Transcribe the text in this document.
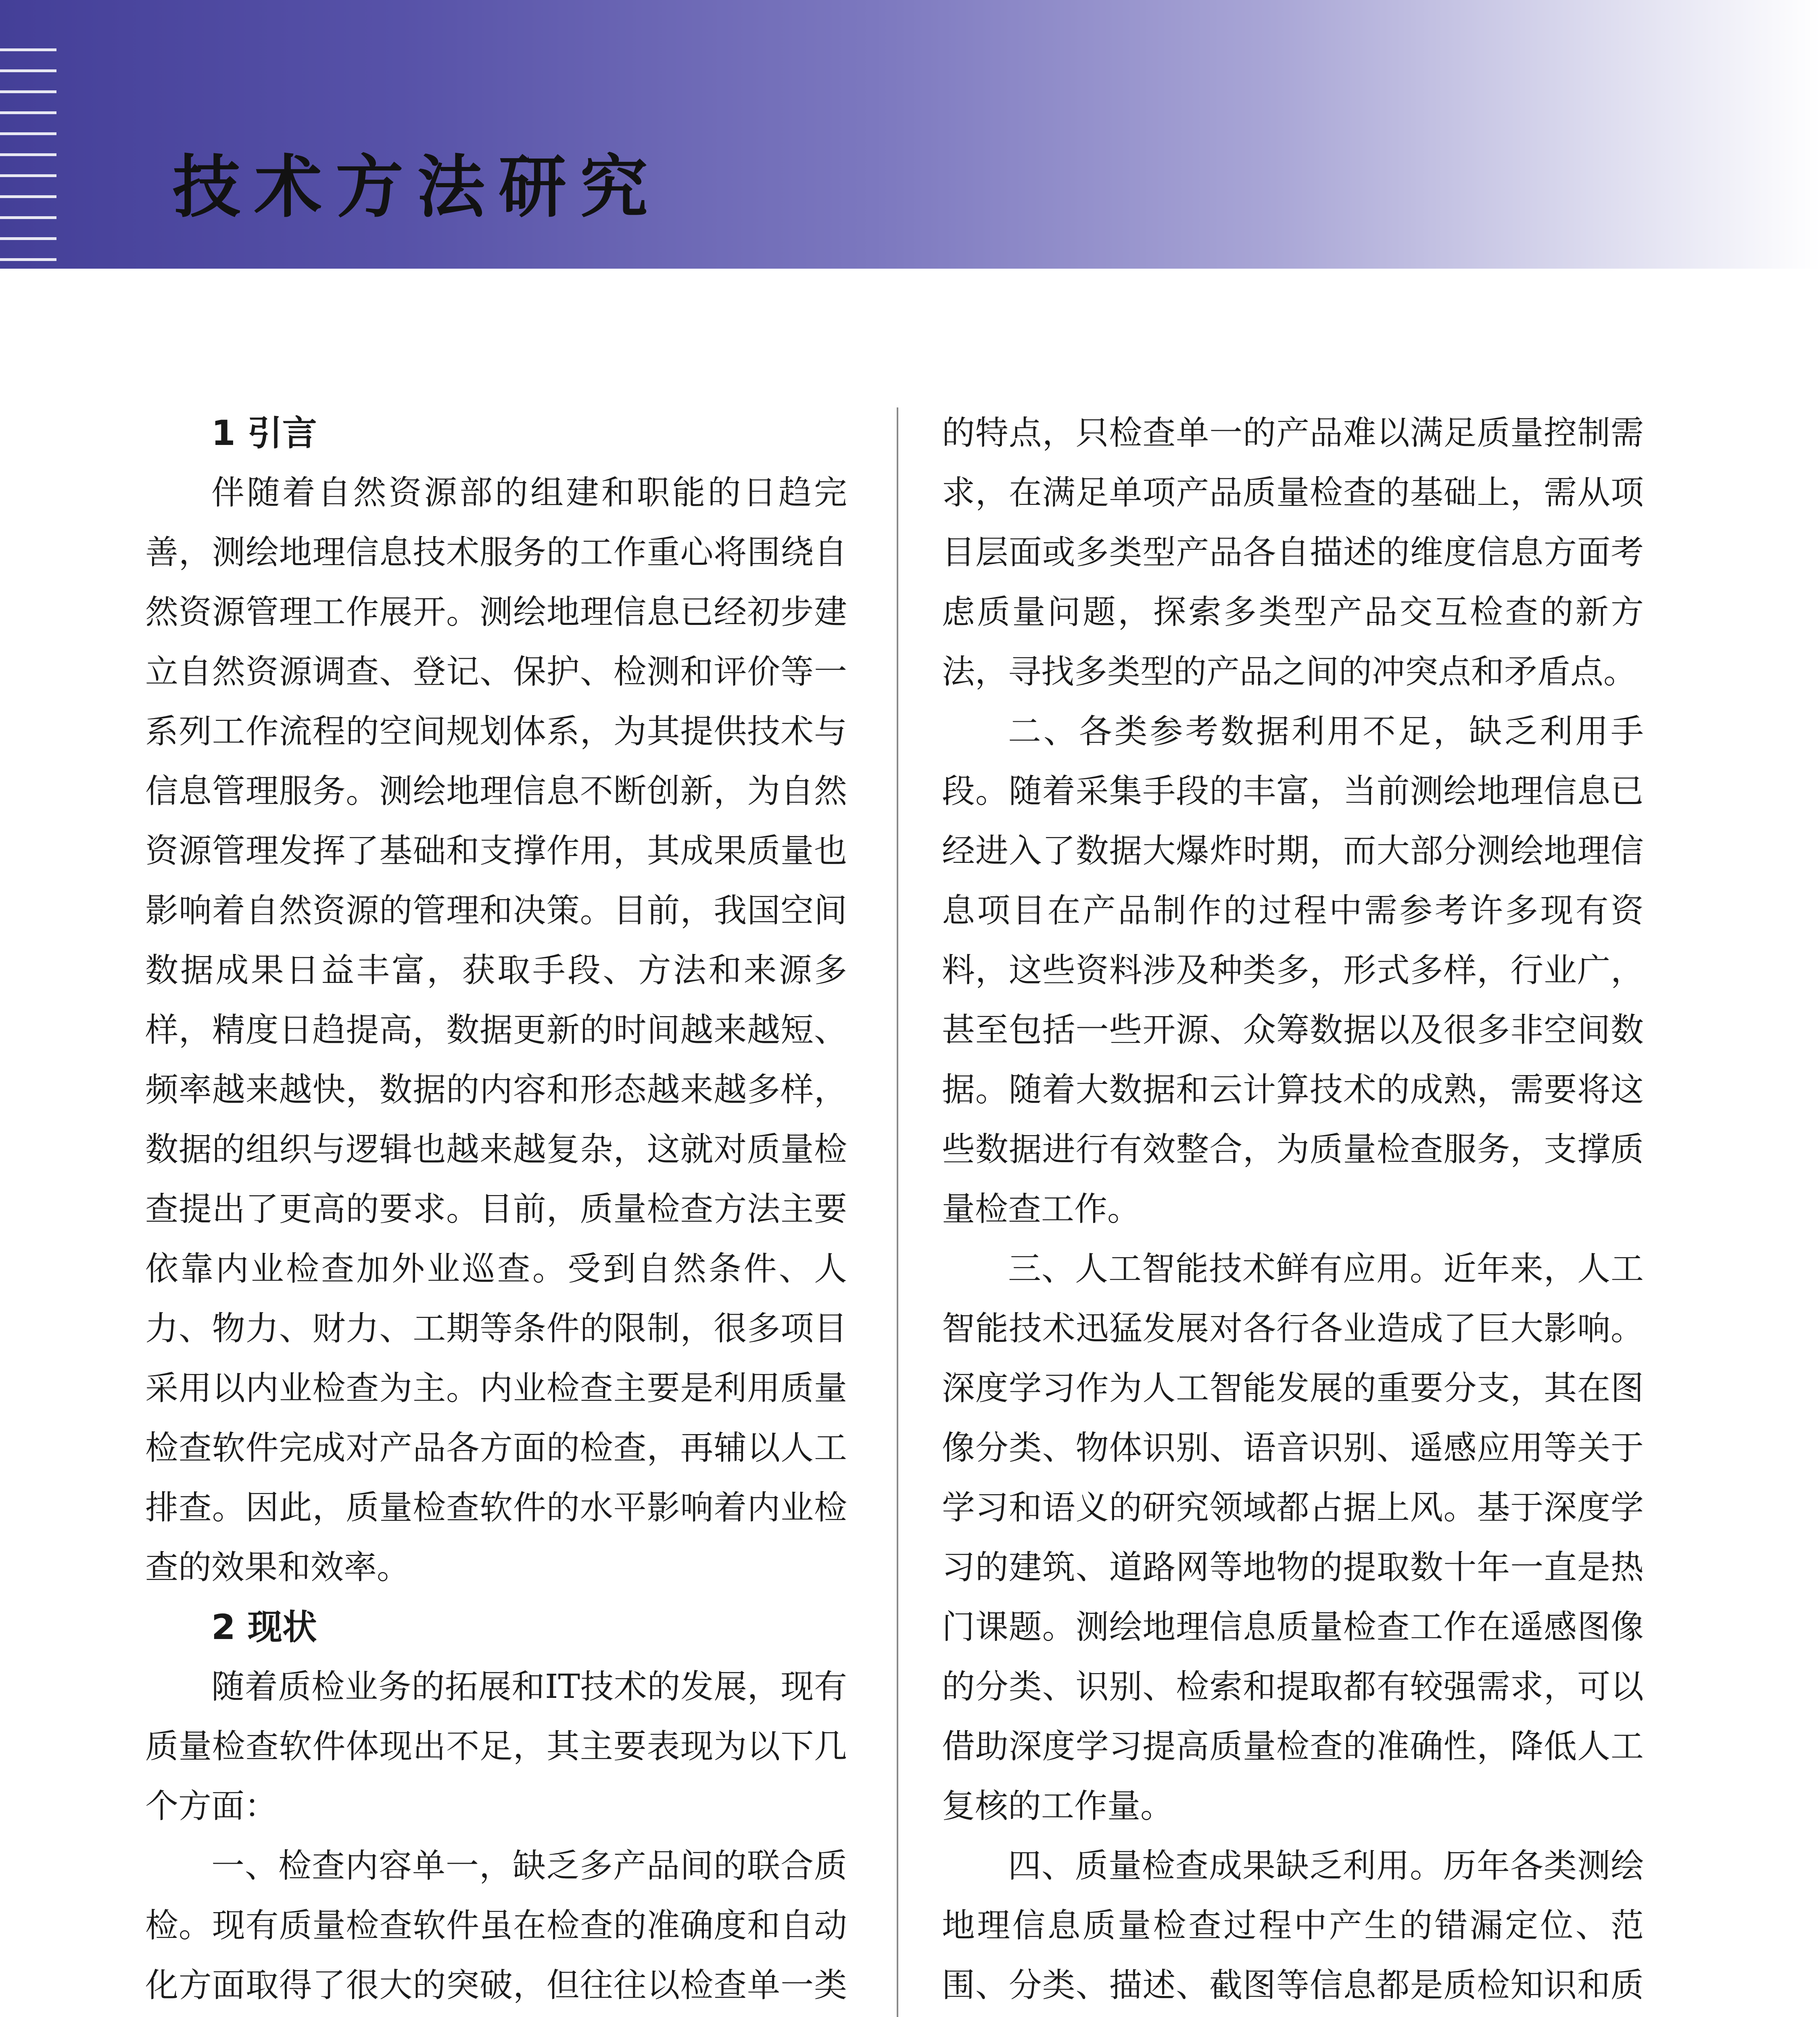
技术方法研究
1 引言

伴随着自然资源部的组建和职能的日趋完善，测绘地理信息技术服务的工作重心将围绕自然资源管理工作展开。测绘地理信息已经初步建立自然资源调查、登记、保护、检测和评价等一系列工作流程的空间规划体系，为其提供技术与信息管理服务。测绘地理信息不断创新，为自然资源管理发挥了基础和支撑作用，其成果质量也影响着自然资源的管理和决策。目前，我国空间数据成果日益丰富，获取手段、方法和来源多样，精度日趋提高，数据更新的时间越来越短、频率越来越快，数据的内容和形态越来越多样，数据的组织与逻辑也越来越复杂，这就对质量检查提出了更高的要求。目前，质量检查方法主要依靠内业检查加外业巡查。受到自然条件、人力、物力、财力、工期等条件的限制，很多项目采用以内业检查为主。内业检查主要是利用质量检查软件完成对产品各方面的检查，再辅以人工排查。因此，质量检查软件的水平影响着内业检查的效果和效率。

2 现状

随着质检业务的拓展和IT技术的发展，现有质量检查软件体现出不足，其主要表现为以下几个方面：

一、检查内容单一，缺乏多产品间的联合质检。现有质量检查软件虽在检查的准确度和自动化方面取得了很大的突破，但往往以检查单一类

的特点，只检查单一的产品难以满足质量控制需求，在满足单项产品质量检查的基础上，需从项目层面或多类型产品各自描述的维度信息方面考虑质量问题，探索多类型产品交互检查的新方法，寻找多类型的产品之间的冲突点和矛盾点。

二、各类参考数据利用不足，缺乏利用手段。随着采集手段的丰富，当前测绘地理信息已经进入了数据大爆炸时期，而大部分测绘地理信息项目在产品制作的过程中需参考许多现有资料，这些资料涉及种类多，形式多样，行业广，甚至包括一些开源、众筹数据以及很多非空间数据。随着大数据和云计算技术的成熟，需要将这些数据进行有效整合，为质量检查服务，支撑质量检查工作。

三、人工智能技术鲜有应用。近年来，人工智能技术迅猛发展对各行各业造成了巨大影响。深度学习作为人工智能发展的重要分支，其在图像分类、物体识别、语音识别、遥感应用等关于学习和语义的研究领域都占据上风。基于深度学习的建筑、道路网等地物的提取数十年一直是热门课题。测绘地理信息质量检查工作在遥感图像的分类、识别、检索和提取都有较强需求，可以借助深度学习提高质量检查的准确性，降低人工复核的工作量。

四、质量检查成果缺乏利用。历年各类测绘地理信息质量检查过程中产生的错漏定位、范围、分类、描述、截图等信息都是质检知识和质
